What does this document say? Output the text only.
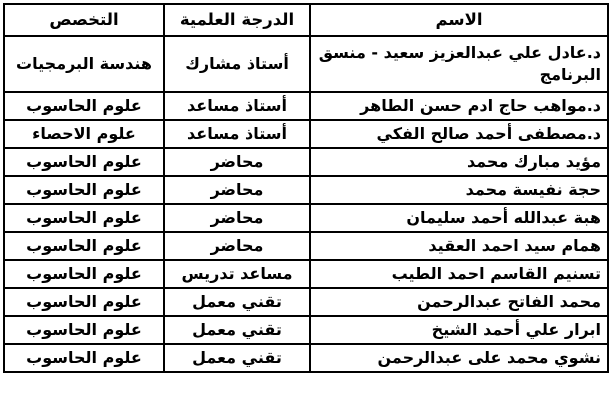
الاسم	الدرجة العلمية	التخصص
د.عادل علي عبدالعزيز سعيد - منسق البرنامج	أستاذ مشارك	هندسة البرمجيات
د.مواهب حاج ادم حسن الطاهر	أستاذ مساعد	علوم الحاسوب
د.مصطفى أحمد صالح الفكي	أستاذ مساعد	علوم الاحصاء
مؤيد مبارك محمد	محاضر	علوم الحاسوب
حجة نفيسة محمد	محاضر	علوم الحاسوب
هبة عبدالله أحمد سليمان	محاضر	علوم الحاسوب
همام سيد احمد العقيد	محاضر	علوم الحاسوب
تسنيم القاسم احمد الطيب	مساعد تدريس	علوم الحاسوب
محمد الفاتح عبدالرحمن	تقني معمل	علوم الحاسوب
ابرار علي أحمد الشيخ	تقني معمل	علوم الحاسوب
نشوي محمد على عبدالرحمن	تقني معمل	علوم الحاسوب
